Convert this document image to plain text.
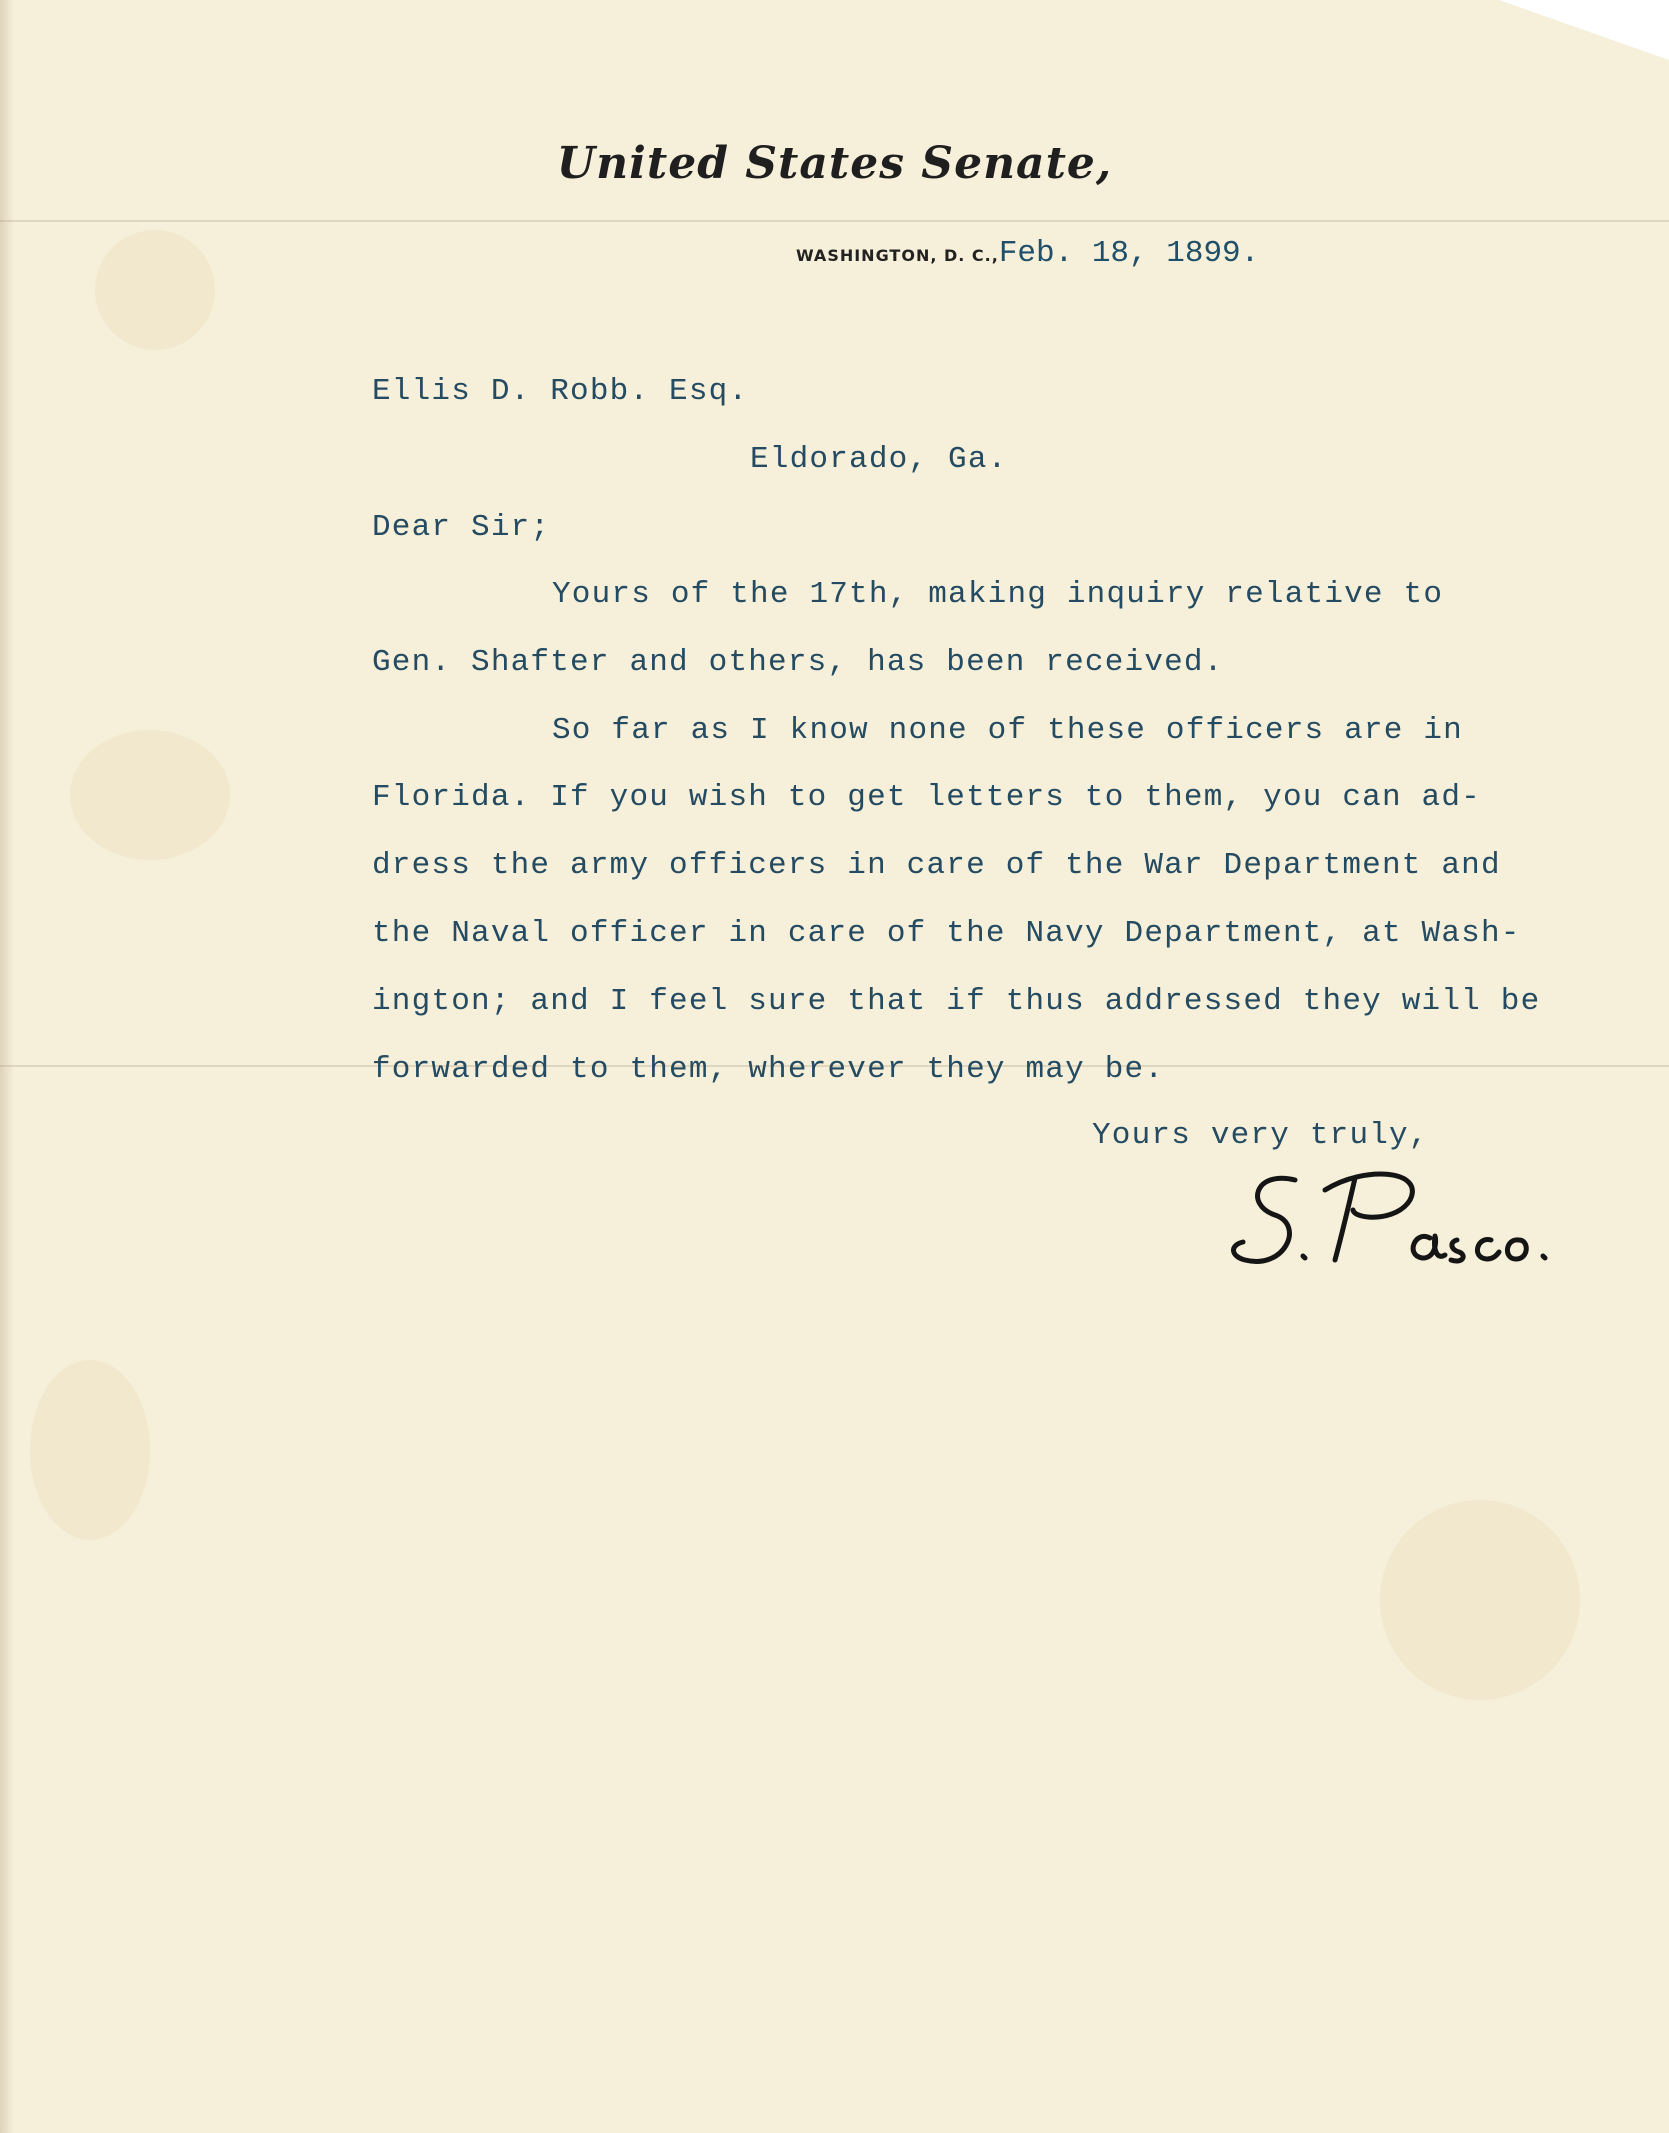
United States Senate,
WASHINGTON, D. C.,Feb. 18, 1899.
Ellis D. Robb. Esq.
Eldorado, Ga.
Dear Sir;
Yours of the 17th, making inquiry relative to
Gen. Shafter and others, has been received.
So far as I know none of these officers are in
Florida. If you wish to get letters to them, you can ad-
dress the army officers in care of the War Department and
the Naval officer in care of the Navy Department, at Wash-
ington; and I feel sure that if thus addressed they will be
forwarded to them, wherever they may be.
Yours very truly,
